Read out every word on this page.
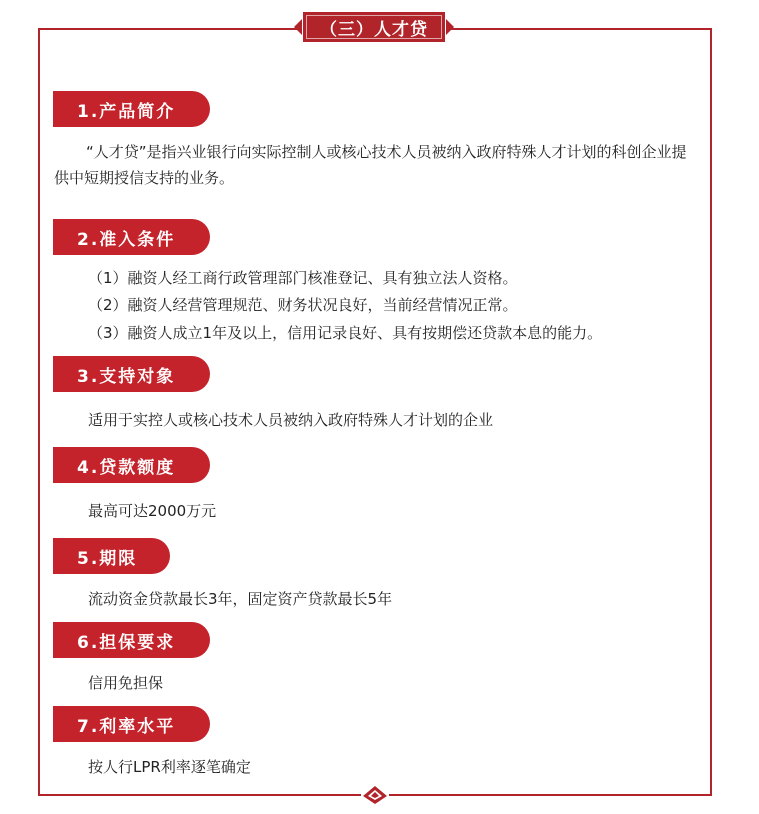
（三）人才贷
1.产品简介
“人才贷”是指兴业银行向实际控制人或核心技术人员被纳入政府特殊人才计划的科创企业提供中短期授信支持的业务。
2.准入条件
（1）融资人经工商行政管理部门核准登记、具有独立法人资格。
（2）融资人经营管理规范、财务状况良好，当前经营情况正常。
（3）融资人成立1年及以上，信用记录良好、具有按期偿还贷款本息的能力。
3.支持对象
适用于实控人或核心技术人员被纳入政府特殊人才计划的企业
4.贷款额度
最高可达2000万元
5.期限
流动资金贷款最长3年，固定资产贷款最长5年
6.担保要求
信用免担保
7.利率水平
按人行LPR利率逐笔确定
